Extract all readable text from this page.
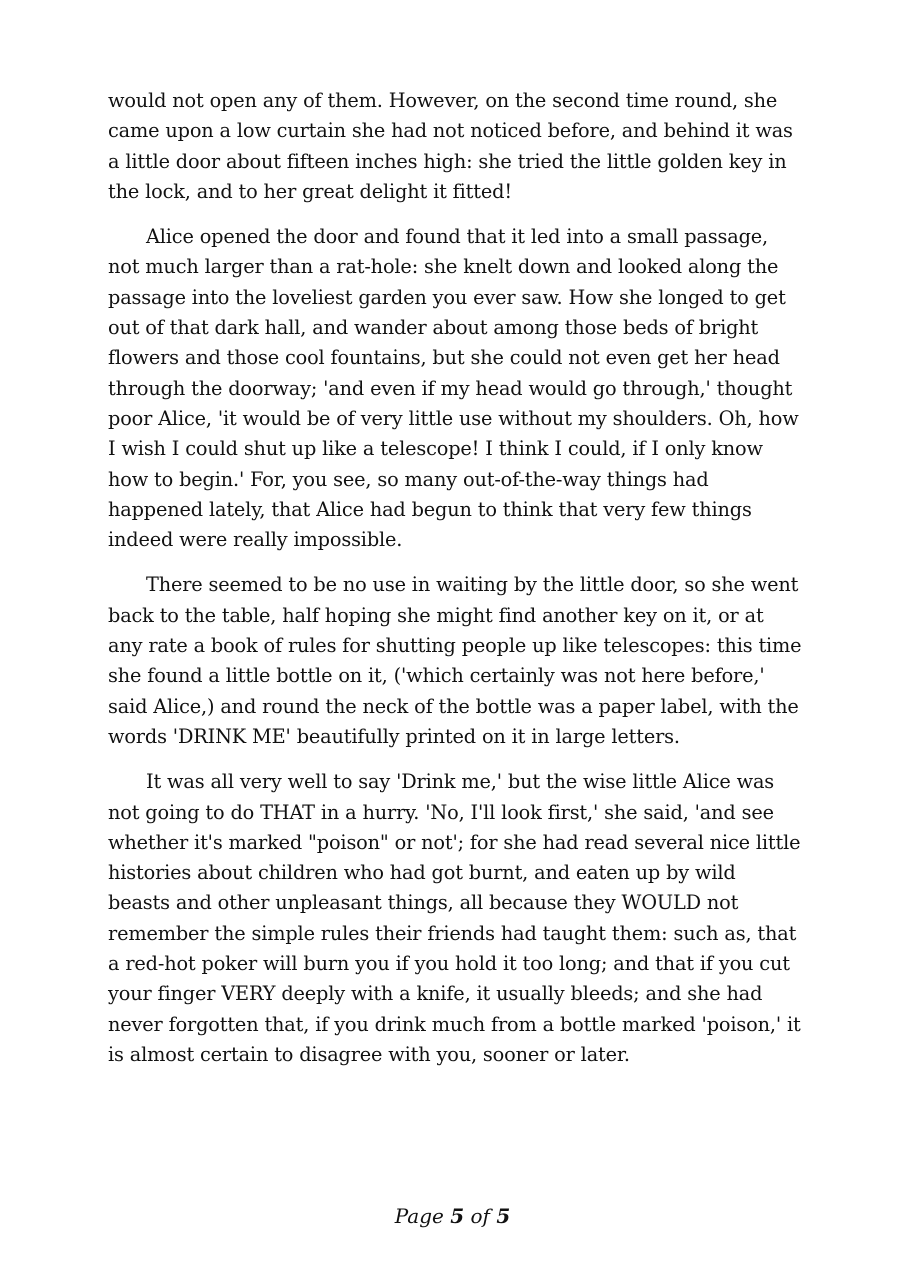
would not open any of them. However, on the second time round, she came upon a low curtain she had not noticed before, and behind it was a little door about fifteen inches high: she tried the little golden key in the lock, and to her great delight it fitted!

Alice opened the door and found that it led into a small passage, not much larger than a rat-hole: she knelt down and looked along the passage into the loveliest garden you ever saw. How she longed to get out of that dark hall, and wander about among those beds of bright flowers and those cool fountains, but she could not even get her head through the doorway; 'and even if my head would go through,' thought poor Alice, 'it would be of very little use without my shoulders. Oh, how I wish I could shut up like a telescope! I think I could, if I only know how to begin.' For, you see, so many out-of-the-way things had happened lately, that Alice had begun to think that very few things indeed were really impossible.

There seemed to be no use in waiting by the little door, so she went back to the table, half hoping she might find another key on it, or at any rate a book of rules for shutting people up like telescopes: this time she found a little bottle on it, ('which certainly was not here before,' said Alice,) and round the neck of the bottle was a paper label, with the words 'DRINK ME' beautifully printed on it in large letters.

It was all very well to say 'Drink me,' but the wise little Alice was not going to do THAT in a hurry. 'No, I'll look first,' she said, 'and see whether it's marked "poison" or not'; for she had read several nice little histories about children who had got burnt, and eaten up by wild beasts and other unpleasant things, all because they WOULD not remember the simple rules their friends had taught them: such as, that a red-hot poker will burn you if you hold it too long; and that if you cut your finger VERY deeply with a knife, it usually bleeds; and she had never forgotten that, if you drink much from a bottle marked 'poison,' it is almost certain to disagree with you, sooner or later.

Page 5 of 5
